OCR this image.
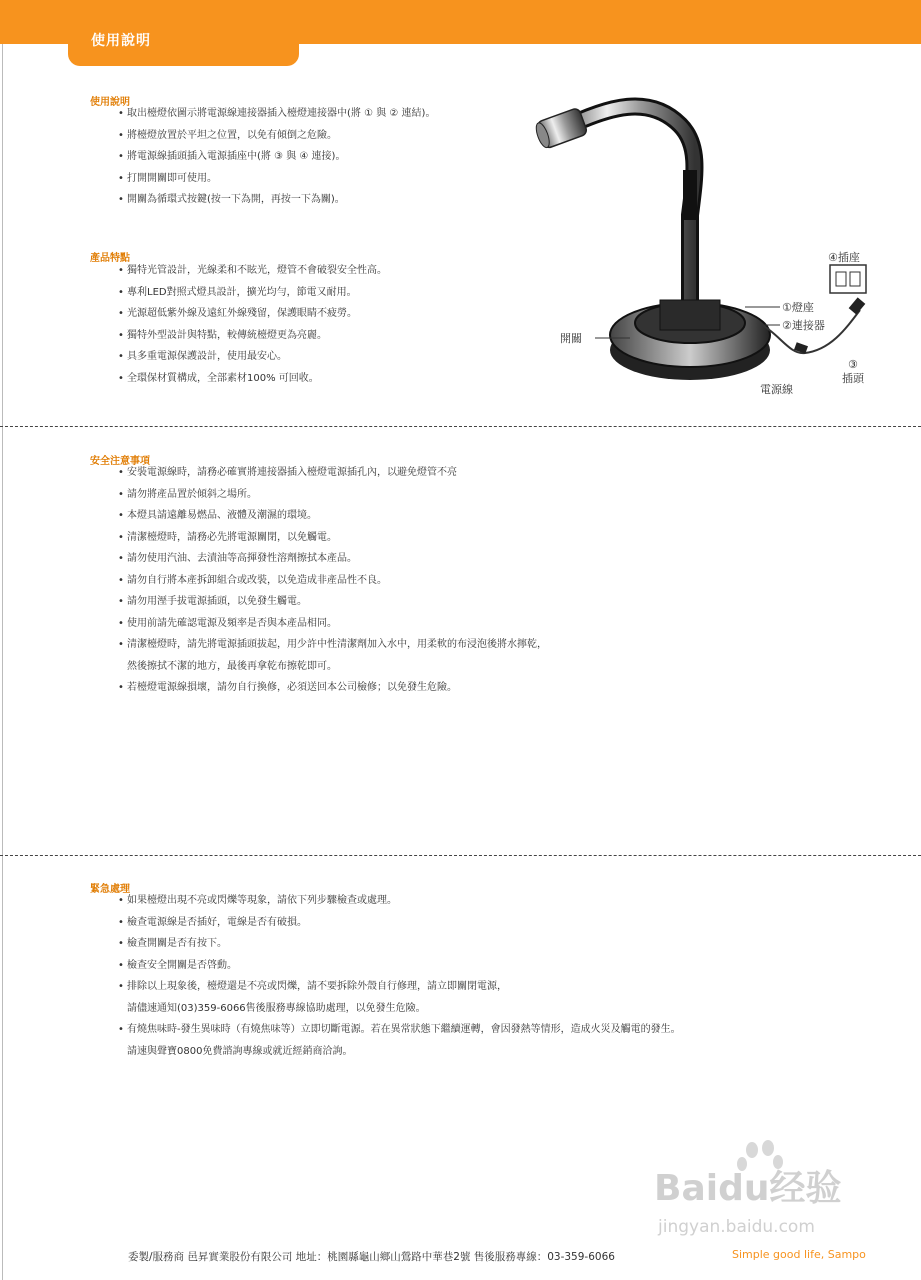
使用說明
使用說明
• 取出檯燈依圖示將電源線連接器插入檯燈連接器中(將 ① 與 ② 連結)。
• 將檯燈放置於平坦之位置，以免有傾倒之危險。
• 將電源線插頭插入電源插座中(將 ③ 與 ④ 連接)。
• 打開開關即可使用。
• 開關為循環式按鍵(按一下為開，再按一下為關)。
產品特點
• 獨特光管設計，光線柔和不眩光，燈管不會破裂安全性高。
• 專利LED對照式燈具設計，擴光均勻，節電又耐用。
• 光源超低紫外線及遠紅外線殘留，保護眼睛不疲勞。
• 獨特外型設計與特點，較傳統檯燈更為亮麗。
• 具多重電源保護設計，使用最安心。
• 全環保材質構成，全部素材100% 可回收。
開關
④插座
①燈座
②連接器
③
插頭
電源線
安全注意事項
• 安裝電源線時，請務必確實將連接器插入檯燈電源插孔內，以避免燈管不亮
• 請勿將產品置於傾斜之場所。
• 本燈具請遠離易燃品、液體及潮濕的環境。
• 清潔檯燈時，請務必先將電源關閉，以免觸電。
• 請勿使用汽油、去漬油等高揮發性溶劑擦拭本產品。
• 請勿自行將本產拆卸組合或改裝，以免造成非產品性不良。
• 請勿用溼手拔電源插頭，以免發生觸電。
• 使用前請先確認電源及頻率是否與本產品相同。
• 清潔檯燈時，請先將電源插頭拔起，用少許中性清潔劑加入水中，用柔軟的布浸泡後將水擰乾，
然後擦拭不潔的地方，最後再拿乾布擦乾即可。
• 若檯燈電源線損壞，請勿自行換修，必須送回本公司檢修；以免發生危險。
緊急處理
• 如果檯燈出現不亮或閃爍等現象，請依下列步驟檢查或處理。
• 檢查電源線是否插好，電線是否有破損。
• 檢查開關是否有按下。
• 檢查安全開關是否啓動。
• 排除以上現象後，檯燈還是不亮或閃爍，請不要拆除外殼自行修理，請立即關閉電源，
請儘速通知(03)359-6066售後服務專線協助處理，以免發生危險。
• 有燒焦味時-發生異味時（有燒焦味等）立即切斷電源。若在異常狀態下繼續運轉，會因發熱等情形，造成火災及觸電的發生。
請速與聲寶0800免費諮詢專線或就近經銷商洽詢。
Baidu经验
jingyan.baidu.com
委製/服務商 邑昇實業股份有限公司 地址：桃園縣龜山鄉山鶯路中華巷2號 售後服務專線：03-359-6066	Simple good life, Sampo
